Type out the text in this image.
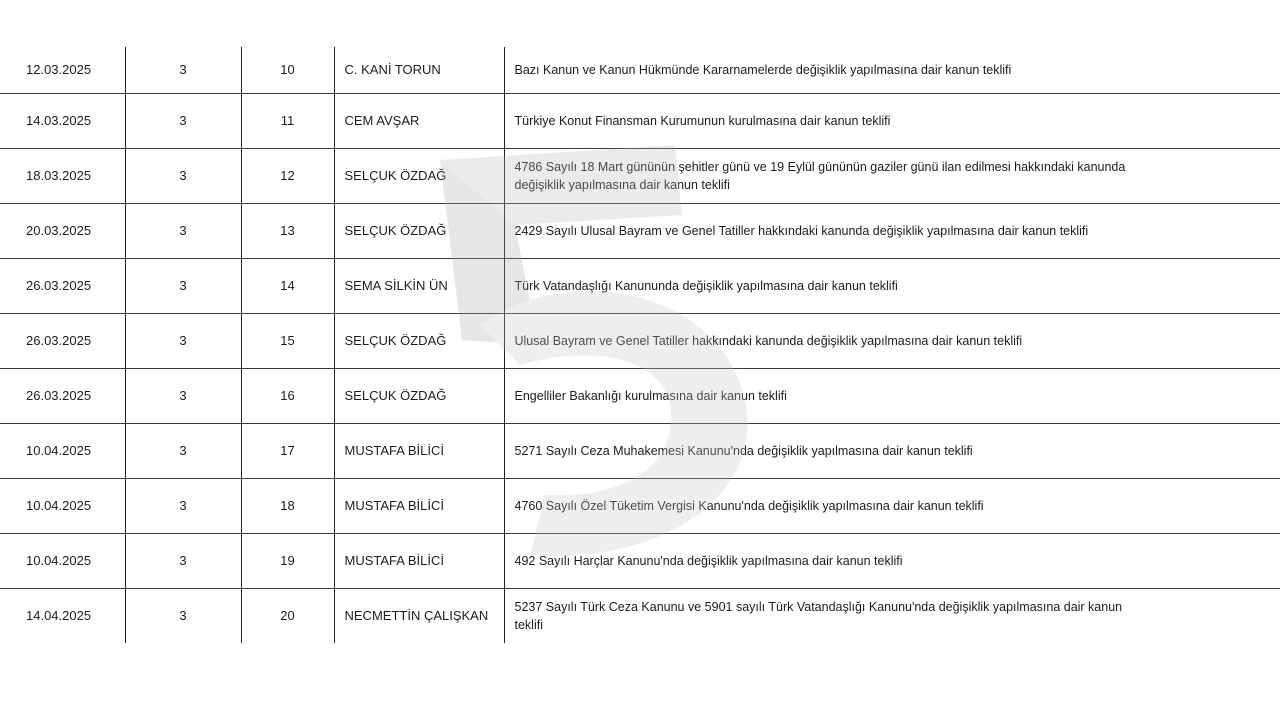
12.03.2025	3	10	C. KANİ TORUN	Bazı Kanun ve Kanun Hükmünde Kararnamelerde değişiklik yapılmasına dair kanun teklifi
14.03.2025	3	11	CEM AVŞAR	Türkiye Konut Finansman Kurumunun kurulmasına dair kanun teklifi
18.03.2025	3	12	SELÇUK ÖZDAĞ	4786 Sayılı 18 Mart gününün şehitler günü ve 19 Eylül gününün gaziler günü ilan edilmesi hakkındaki kanunda değişiklik yapılmasına dair kanun teklifi
20.03.2025	3	13	SELÇUK ÖZDAĞ	2429 Sayılı Ulusal Bayram ve Genel Tatiller hakkındaki kanunda değişiklik yapılmasına dair kanun teklifi
26.03.2025	3	14	SEMA SİLKİN ÜN	Türk Vatandaşlığı Kanununda değişiklik yapılmasına dair kanun teklifi
26.03.2025	3	15	SELÇUK ÖZDAĞ	Ulusal Bayram ve Genel Tatiller hakkındaki kanunda değişiklik yapılmasına dair kanun teklifi
26.03.2025	3	16	SELÇUK ÖZDAĞ	Engelliler Bakanlığı kurulmasına dair kanun teklifi
10.04.2025	3	17	MUSTAFA BİLİCİ	5271 Sayılı Ceza Muhakemesi Kanunu'nda değişiklik yapılmasına dair kanun teklifi
10.04.2025	3	18	MUSTAFA BİLİCİ	4760 Sayılı Özel Tüketim Vergisi Kanunu'nda değişiklik yapılmasına dair kanun teklifi
10.04.2025	3	19	MUSTAFA BİLİCİ	492 Sayılı Harçlar Kanunu'nda değişiklik yapılmasına dair kanun teklifi
14.04.2025	3	20	NECMETTİN ÇALIŞKAN	5237 Sayılı Türk Ceza Kanunu ve 5901 sayılı Türk Vatandaşlığı Kanunu'nda değişiklik yapılmasına dair kanun teklifi
